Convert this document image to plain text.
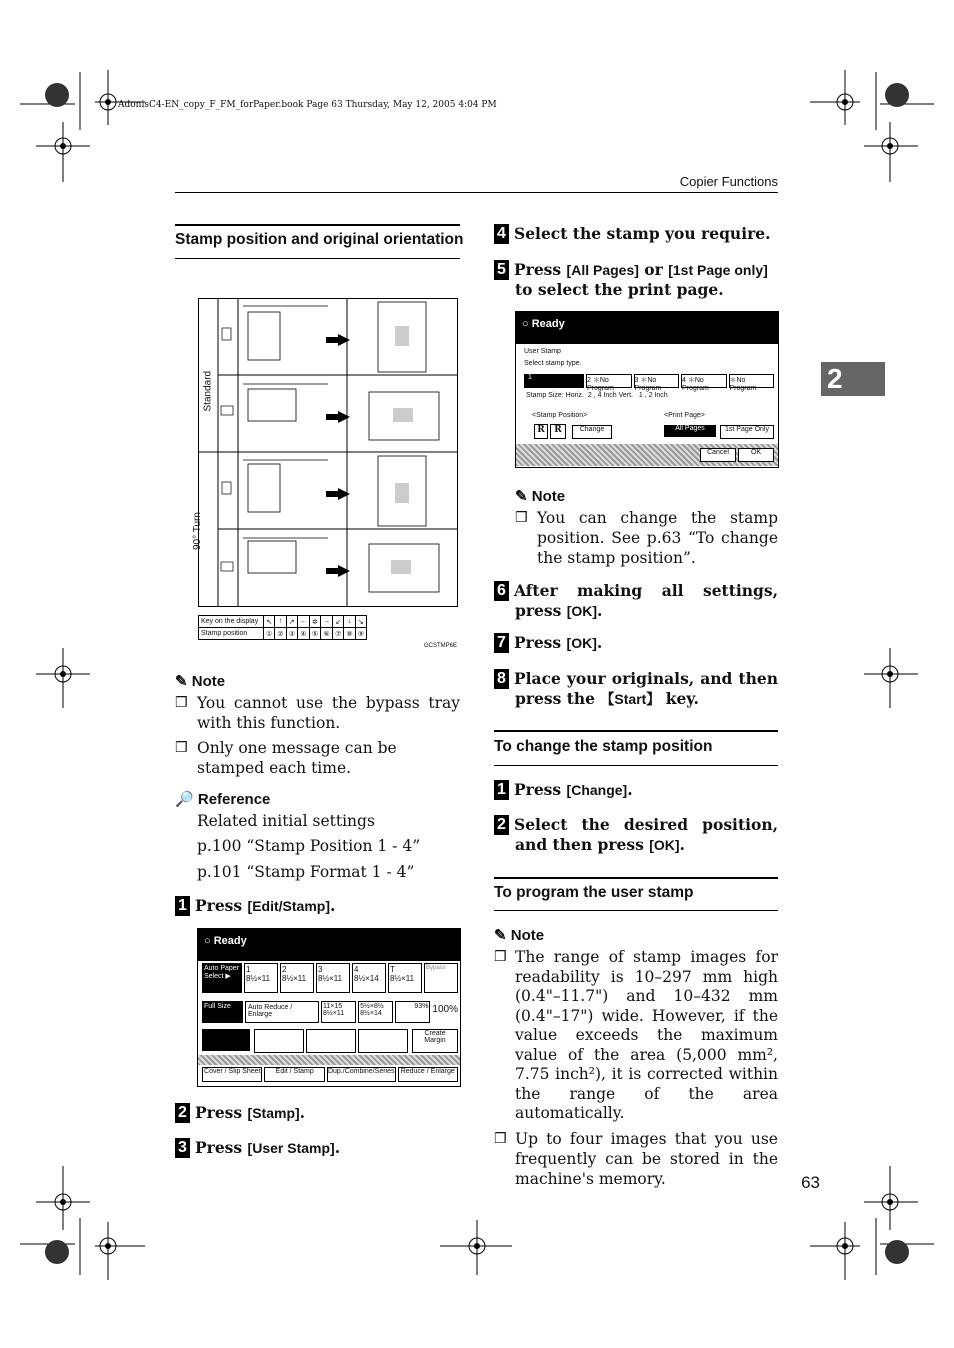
AdonisC4-EN_copy_F_FM_forPaper.book Page 63 Thursday, May 12, 2005 4:04 PM
Copier Functions
2
Stamp position and original orientation
Standard
90° Turn
Key on the display	↖	↑	↗	←	✲	→	↙	↓	↘
Stamp position	①	②	③	④	⑤	⑥	⑦	⑧	⑨
GCSTMP6E
✎ Note
❒ You cannot use the bypass tray with this function.
❒ Only one message can be stamped each time.
🔎 Reference
Related initial settings
p.100 “Stamp Position 1 - 4”
p.101 “Stamp Format 1 - 4”
1 Press [Edit/Stamp].
○ Ready
Auto Paper Select ▶
1 8½×11
2 8½×11
3 8½×11
4 8½×14
T 8½×11
Bypass
Full Size	Auto Reduce / Enlarge
11×15 8½×11
5½×8½ 8½×14
93% 100%
Create Margin
Cover / Slip Sheet	Edit / Stamp	Dup./Combine/Series Reduce / Enlarge
2 Press [Stamp].
3 Press [User Stamp].
4 Select the stamp you require.
5 Press [All Pages] or [1st Page only] to select the print page.
○ Ready
User Stamp
Select stamp type.
1	2 ＊No Program
3 ＊No Program
4 ＊No Program
＊No Program
Stamp Size: Horiz. 2 , 4 Inch Vert. 1 , 2 Inch
<Stamp Position>	<Print Page>
R	R	Change	All Pages	1st Page Only
Cancel	OK
✎ Note
❒ You can change the stamp position. See p.63 “To change the stamp position”.
6 After making all settings, press [OK].
7 Press [OK].
8 Place your originals, and then press the 【Start】 key.
To change the stamp position
1 Press [Change].
2 Select the desired position, and then press [OK].
To program the user stamp
✎ Note
❒ The range of stamp images for readability is 10–297 mm high (0.4"–11.7") and 10–432 mm (0.4"–17") wide. However, if the value exceeds the maximum value of the area (5,000 mm², 7.75 inch²), it is corrected within the range of the area automatically.
❒ Up to four images that you use frequently can be stored in the machine's memory.	63
